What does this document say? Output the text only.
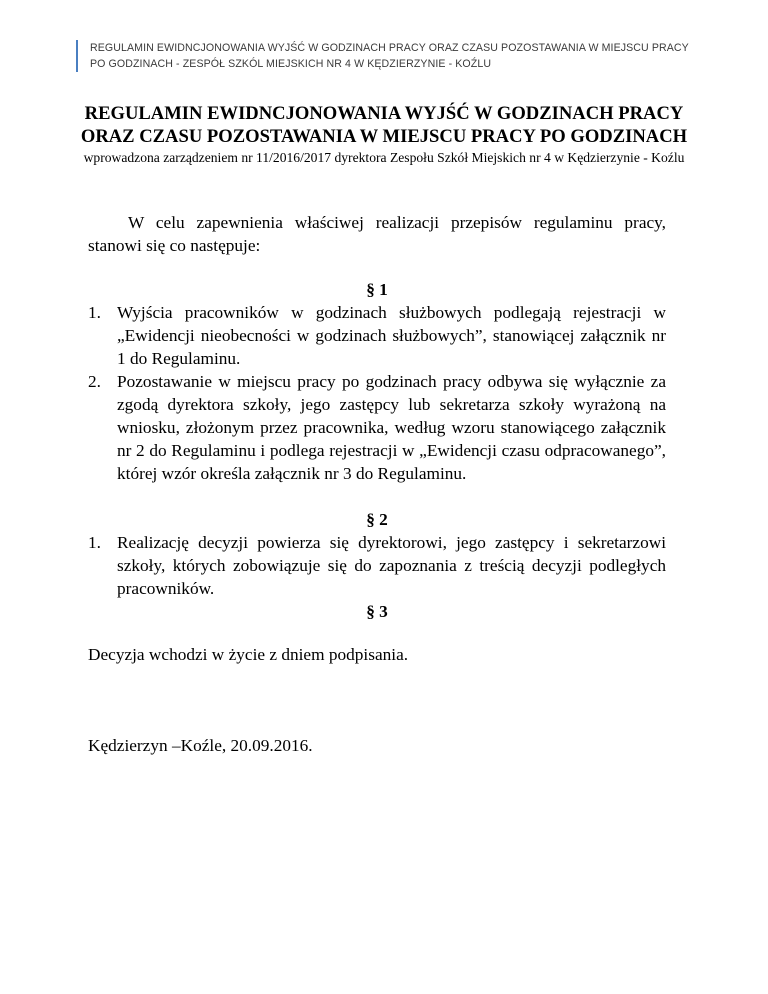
REGULAMIN EWIDNCJONOWANIA WYJŚĆ W GODZINACH PRACY ORAZ CZASU POZOSTAWANIA W MIEJSCU PRACY
PO GODZINACH - ZESPÓŁ SZKÓL MIEJSKICH NR 4 W KĘDZIERZYNIE - KOŹLU
REGULAMIN EWIDNCJONOWANIA WYJŚĆ W GODZINACH PRACY
ORAZ CZASU POZOSTAWANIA W MIEJSCU PRACY PO GODZINACH
wprowadzona zarządzeniem nr 11/2016/2017 dyrektora Zespołu Szkół Miejskich nr 4 w Kędzierzynie - Koźlu

W celu zapewnienia właściwej realizacji przepisów regulaminu pracy, stanowi się co następuje:

§ 1

1. Wyjścia pracowników w godzinach służbowych podlegają rejestracji w „Ewidencji nieobecności w godzinach służbowych”, stanowiącej załącznik nr 1 do Regulaminu.
2. Pozostawanie w miejscu pracy po godzinach pracy odbywa się wyłącznie za zgodą dyrektora szkoły, jego zastępcy lub sekretarza szkoły wyrażoną na wniosku, złożonym przez pracownika, według wzoru stanowiącego załącznik nr 2 do Regulaminu i podlega rejestracji w „Ewidencji czasu odpracowanego”, której wzór określa załącznik nr 3 do Regulaminu.

§ 2

1. Realizację decyzji powierza się dyrektorowi, jego zastępcy i sekretarzowi szkoły, których zobowiązuje się do zapoznania z treścią decyzji podległych pracowników.

§ 3

Decyzja wchodzi w życie z dniem podpisania.

Kędzierzyn –Koźle, 20.09.2016.
